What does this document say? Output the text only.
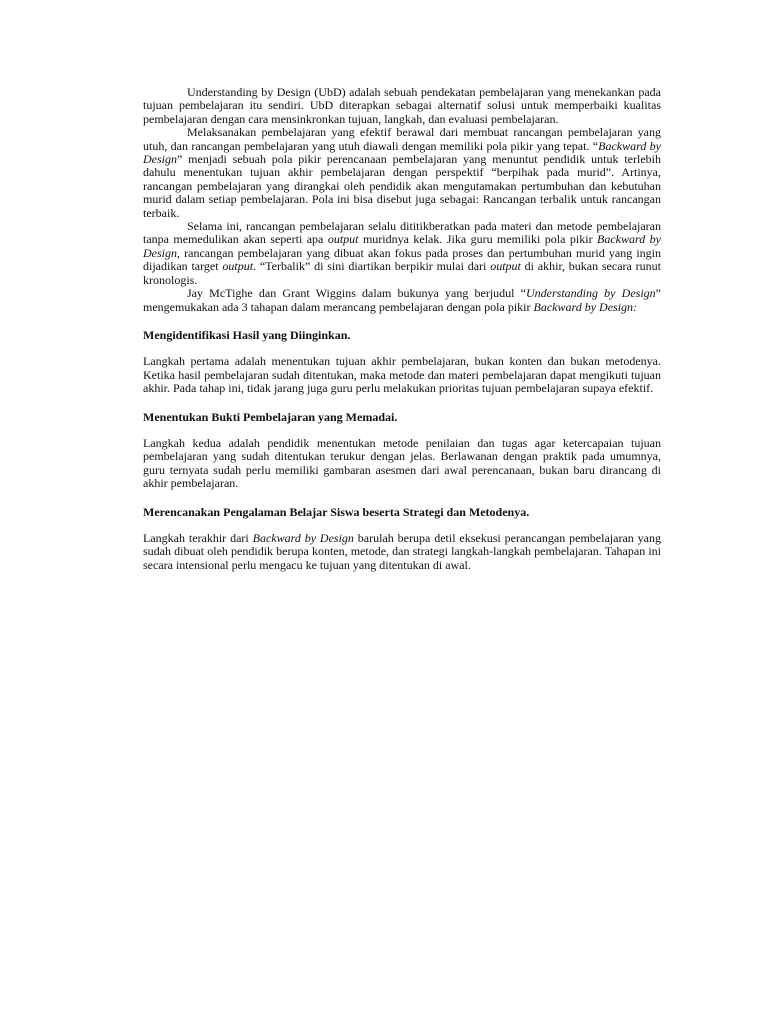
Understanding by Design (UbD) adalah sebuah pendekatan pembelajaran yang menekankan pada tujuan pembelajaran itu sendiri. UbD diterapkan sebagai alternatif solusi untuk memperbaiki kualitas pembelajaran dengan cara mensinkronkan tujuan, langkah, dan evaluasi pembelajaran.

Melaksanakan pembelajaran yang efektif berawal dari membuat rancangan pembelajaran yang utuh, dan rancangan pembelajaran yang utuh diawali dengan memiliki pola pikir yang tepat. “Backward by Design” menjadi sebuah pola pikir perencanaan pembelajaran yang menuntut pendidik untuk terlebih dahulu menentukan tujuan akhir pembelajaran dengan perspektif “berpihak pada murid”. Artinya, rancangan pembelajaran yang dirangkai oleh pendidik akan mengutamakan pertumbuhan dan kebutuhan murid dalam setiap pembelajaran. Pola ini bisa disebut juga sebagai: Rancangan terbalik untuk rancangan terbaik.

Selama ini, rancangan pembelajaran selalu dititikberatkan pada materi dan metode pembelajaran tanpa memedulikan akan seperti apa output muridnya kelak. Jika guru memiliki pola pikir Backward by Design, rancangan pembelajaran yang dibuat akan fokus pada proses dan pertumbuhan murid yang ingin dijadikan target output. “Terbalik” di sini diartikan berpikir mulai dari output di akhir, bukan secara runut kronologis.

Jay McTighe dan Grant Wiggins dalam bukunya yang berjudul “Understanding by Design” mengemukakan ada 3 tahapan dalam merancang pembelajaran dengan pola pikir Backward by Design:

Mengidentifikasi Hasil yang Diinginkan.

Langkah pertama adalah menentukan tujuan akhir pembelajaran, bukan konten dan bukan metodenya. Ketika hasil pembelajaran sudah ditentukan, maka metode dan materi pembelajaran dapat mengikuti tujuan akhir. Pada tahap ini, tidak jarang juga guru perlu melakukan prioritas tujuan pembelajaran supaya efektif.

Menentukan Bukti Pembelajaran yang Memadai.

Langkah kedua adalah pendidik menentukan metode penilaian dan tugas agar ketercapaian tujuan pembelajaran yang sudah ditentukan terukur dengan jelas. Berlawanan dengan praktik pada umumnya, guru ternyata sudah perlu memiliki gambaran asesmen dari awal perencanaan, bukan baru dirancang di akhir pembelajaran.

Merencanakan Pengalaman Belajar Siswa beserta Strategi dan Metodenya.

Langkah terakhir dari Backward by Design barulah berupa detil eksekusi perancangan pembelajaran yang sudah dibuat oleh pendidik berupa konten, metode, dan strategi langkah-langkah pembelajaran. Tahapan ini secara intensional perlu mengacu ke tujuan yang ditentukan di awal.
